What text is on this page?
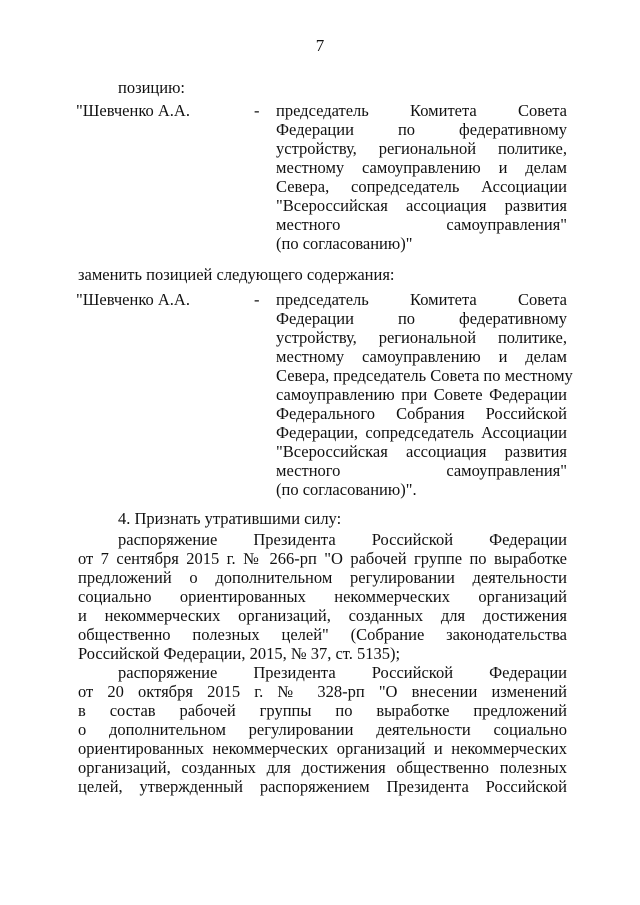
7
позицию:
"Шевченко А.А.	- председатель Комитета Совета
Федерации по федеративному
устройству, региональной политике,
местному самоуправлению и делам
Севера, сопредседатель Ассоциации
"Всероссийская ассоциация развития
местного самоуправления"
(по согласованию)"
заменить позицией следующего содержания:
"Шевченко А.А.	- председатель Комитета Совета
Федерации по федеративному
устройству, региональной политике,
местному самоуправлению и делам
Севера, председатель Совета по местному
самоуправлению при Совете Федерации
Федерального Собрания Российской
Федерации, сопредседатель Ассоциации
"Всероссийская ассоциация развития
местного самоуправления"
(по согласованию)".
4. Признать утратившими силу:
распоряжение Президента Российской Федерации
от 7 сентября 2015 г. № 266-рп "О рабочей группе по выработке
предложений о дополнительном регулировании деятельности
социально ориентированных некоммерческих организаций
и некоммерческих организаций, созданных для достижения
общественно полезных целей" (Собрание законодательства
Российской Федерации, 2015, № 37, ст. 5135);
распоряжение Президента Российской Федерации
от 20 октября 2015 г. № 328-рп "О внесении изменений
в состав рабочей группы по выработке предложений
о дополнительном регулировании деятельности социально
ориентированных некоммерческих организаций и некоммерческих
организаций, созданных для достижения общественно полезных
целей, утвержденный распоряжением Президента Российской
